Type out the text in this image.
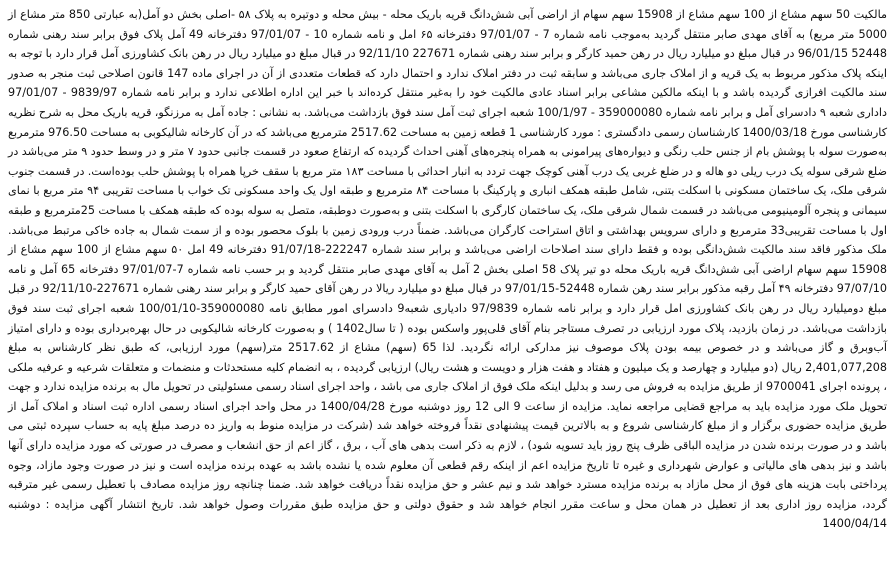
مالکیت 50 سهم مشاع از 100 سهم مشاع از 15908 سهم سهام از اراضی آبی شش‌دانگ قریه باریک محله - بیش محله و دوتیره به پلاک ۵۸ -اصلی بخش دو آمل(به عبارتی 850 متر مشاع از 5000 متر مربع) به آقای مهدی صابر منتقل گردید به‌موجب نامه شماره 7 - 97/01/07 دفترخانه ۶۵ امل و نامه شماره 10 - 97/01/07 دفترخانه 49 آمل پلاک فوق برابر سند رهنی شماره 52448 96/01/15 در قبال مبلغ دو میلیارد ریال در رهن حمید کارگر و برابر سند رهنی شماره 227671 92/11/10 در قبال مبلغ دو میلیارد ریال در رهن بانک کشاورزی آمل قرار دارد با توجه به اینکه پلاک مذکور مربوط به یک قریه و از املاک جاری می‌باشد و سابقه ثبت در دفتر املاک ندارد و احتمال دارد که قطعات متعددی از آن در اجرای ماده 147 قانون اصلاحی ثبت منجر به صدور سند مالکیت افرازی گردیده باشد و با اینکه مالکین مشاعی برابر اسناد عادی مالکیت خود را به‌غیر منتقل کرده‌اند با خبر این اداره اطلاعی ندارد و برابر نامه شماره 9839/97 - 97/01/07 داداری شعبه ۹ دادسرای آمل و برابر نامه شماره 359000080 - 100/1/97 شعبه اجرای ثبت آمل سند فوق بازداشت می‌باشد. به نشانی : جاده آمل به مرزنگو، قریه باریک محل به شرح نظریه کارشناسی مورخ 1400/03/18 کارشناسان رسمی دادگستری : مورد کارشناسی 1 قطعه زمین به مساحت 2517.62 مترمربع می‌باشد که در آن کارخانه شالیکوبی به مساحت 976.50 مترمربع به‌صورت سوله با پوشش بام از جنس حلب رنگی و دیواره‌های پیرامونی به همراه پنجره‌های آهنی احداث گردیده که ارتفاع صعود در قسمت جانبی حدود ۷ متر و در وسط حدود ۹ متر می‌باشد در ضلع شرقی سوله یک درب ریلی دو هاله و در ضلع غربی یک درب آهنی کوچک جهت تردد به انبار احداثی با مساحت ۱۸۳ متر مربع با سقف خرپا همراه با پوشش حلب بوده‌است. در قسمت جنوب شرقی ملک، یک ساختمان مسکونی با اسکلت بتنی، شامل طبقه همکف انباری و پارکینگ با مساحت ۸۴ مترمربع و طبقه اول یک واحد مسکونی تک خواب با مساحت تقریبی ۹۴ متر مربع با نمای سیمانی و پنجره آلومینیومی می‌باشد در قسمت شمال شرقی ملک، یک ساختمان کارگری با اسکلت بتنی و به‌صورت دوطبقه، متصل به سوله بوده که طبقه همکف با مساحت 25مترمربع و طبقه اول با مساحت تقریبی33 مترمربع و دارای سرویس بهداشتی و اتاق استراحت کارگران می‌باشد. ضمناً درب ورودی زمین با بلوک محصور بوده و از سمت شمال به جاده خاکی مرتبط می‌باشد. ملک مذکور فاقد سند مالکیت شش‌دانگی بوده و فقط دارای سند اصلاحات اراضی می‌باشد و برابر سند شماره 222247-91/07/18 دفترخانه 49 امل ۵۰ سهم مشاع از 100 سهم مشاع از 15908 سهم سهام اراضی آبی شش‌دانگ قریه باریک محله دو تیر پلاک 58 اصلی بخش 2 آمل به آقای مهدی صابر منتقل گردید و بر حسب نامه شماره 7-97/01/07 دفترخانه 65 آمل و نامه 97/07/10 دفترخانه ۴۹ آمل رقبه مذکور برابر سند رهن شماره 52448-97/01/15 در قبال مبلغ دو میلیارد ریالا در رهن آقای حمید کارگر و برابر سند رهنی شماره 227671-92/11/10 در قبل مبلغ دومیلیارد ریال در رهن بانک کشاورزی امل قرار دارد و برابر نامه شماره 97/9839 دادیاری شعبه9 دادسرای امور مطابق نامه 359000080-100/01/10 شعبه اجرای ثبت سند فوق بازداشت می‌باشد. در زمان بازدید، پلاک مورد ارزیابی در تصرف مستاجر بنام آقای قلی‌پور واسکس بوده ( تا سال1402 ) و به‌صورت کارخانه شالیکوبی در حال بهره‌برداری بوده و دارای امتیاز آب‌وبرق و گاز می‌باشد و در خصوص بیمه بودن پلاک موصوف نیز مدارکی ارائه نگردید. لذا 65 (سهم) مشاع از 2517.62 متر(سهم) مورد ارزیابی، که طبق نظر کارشناس به مبلغ 2,401,077,208 ریال (دو میلیارد و چهارصد و یک میلیون و هفتاد و هفت هزار و دویست و هشت ریال) ارزیابی گردیده ، به انضمام کلیه مستحدثات و منضمات و متعلقات شرعیه و عرفیه ملکی ، پرونده اجرای 9700041 از طریق مزایده به فروش می رسد و بدلیل اینکه ملک فوق از املاک جاری می باشد ، واحد اجرای اسناد رسمی مسئولیتی در تحویل مال به برنده مزایده ندارد و جهت تحویل ملک مورد مزایده باید به مراجع قضایی مراجعه نماید. مزایده از ساعت 9 الی 12 روز دوشنبه مورخ 1400/04/28 در محل واحد اجرای اسناد رسمی اداره ثبت اسناد و املاک آمل از طریق مزایده حضوری برگزار و از مبلغ کارشناسی شروع و به بالاترین قیمت پیشنهادی نقداً فروخته خواهد شد (شرکت در مزایده منوط به واریز ده درصد مبلغ پایه به حساب سپرده ثبتی می باشد و در صورت برنده شدن در مزایده الباقی ظرف پنج روز باید تسویه شود) ، لازم به ذکر است بدهی های آب ، برق ، گاز اعم از حق انشعاب و مصرف در صورتی که مورد مزایده دارای آنها باشد و نیز بدهی های مالیاتی و عوارض شهرداری و غیره تا تاریخ مزایده اعم از اینکه رقم قطعی آن معلوم شده یا نشده باشد به عهده برنده مزایده است و نیز در صورت وجود مازاد، وجوه پرداختی بابت هزینه های فوق از محل مازاد به برنده مزایده مسترد خواهد شد و نیم عشر و حق مزایده نقداً دریافت خواهد شد. ضمنا چنانچه روز مزایده مصادف با تعطیل رسمی غیر مترقبه گردد، مزایده روز اداری بعد از تعطیل در همان محل و ساعت مقرر انجام خواهد شد و حقوق دولتی و حق مزایده طبق مقررات وصول خواهد شد. تاریخ انتشار آگهی مزایده : دوشنبه 1400/04/14
